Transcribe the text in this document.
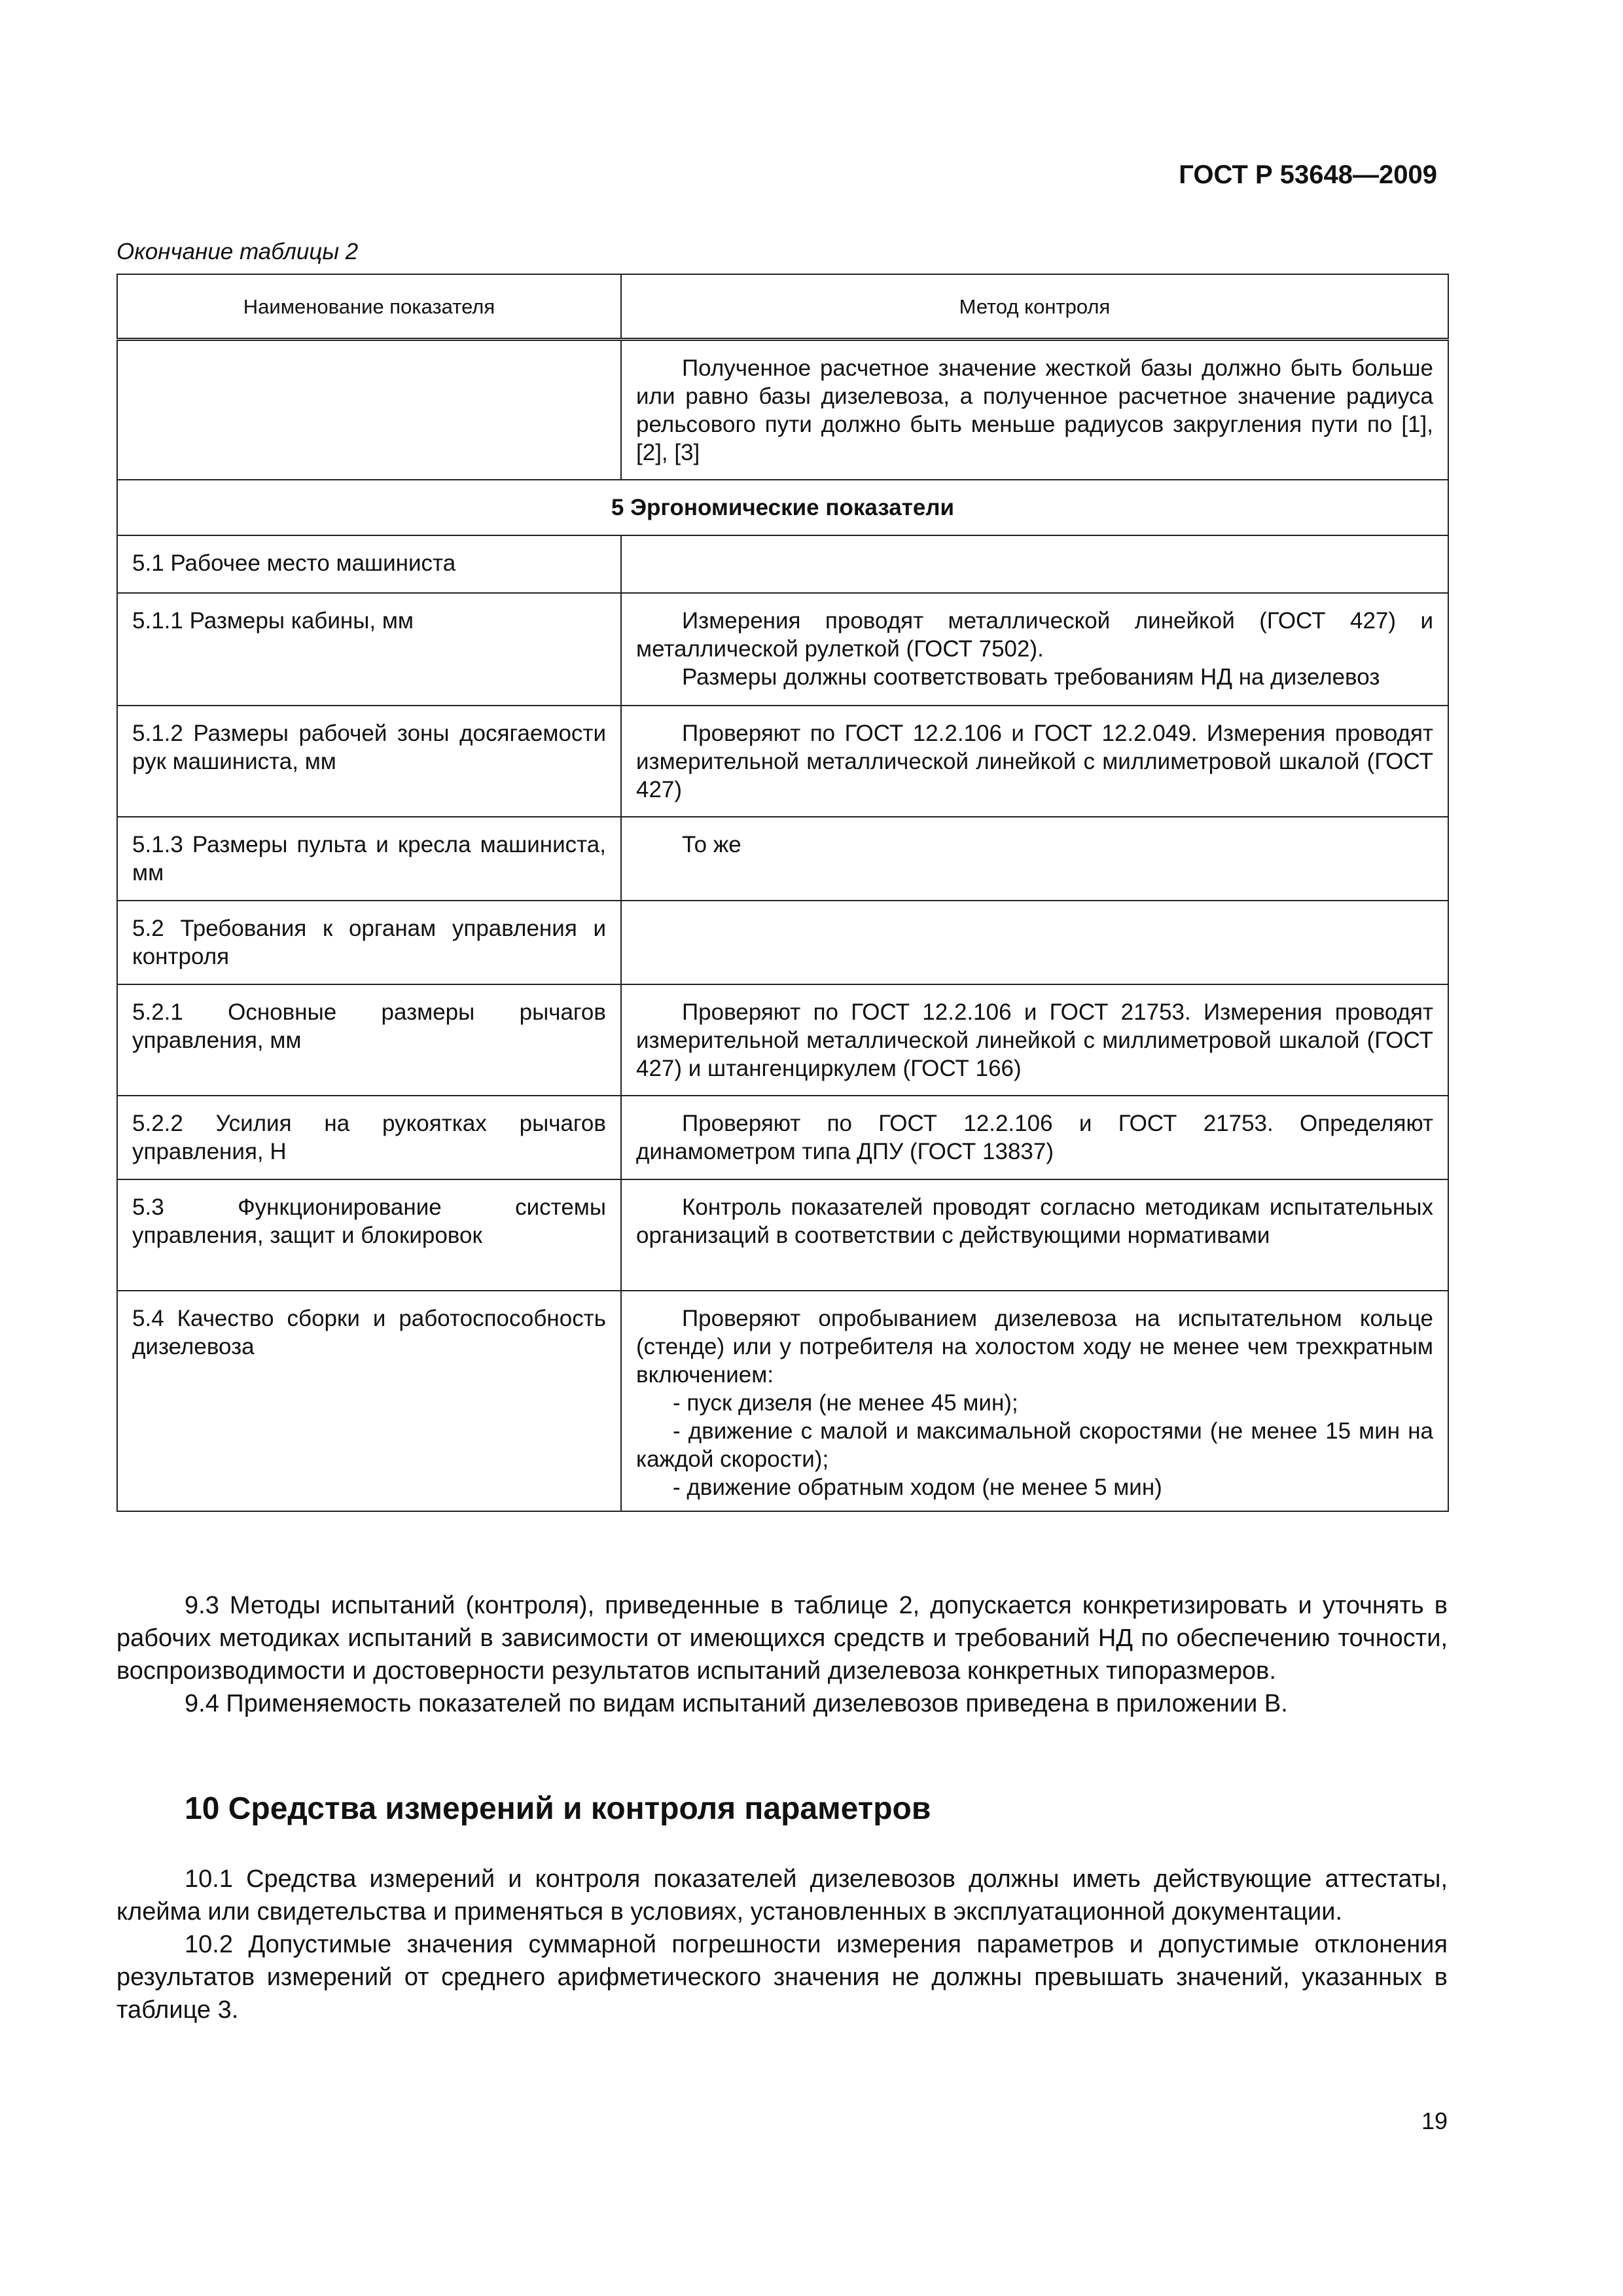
ГОСТ Р 53648—2009
Окончание таблицы 2
Наименование показателя	Метод контроля

	Полученное расчетное значение жесткой базы должно быть больше или равно базы дизелевоза, а полученное расчетное значение радиуса рельсового пути должно быть меньше радиусов закругления пути по [1], [2], [3]

5 Эргономические показатели	
5.1 Рабочее место машиниста	
5.1.1 Размеры кабины, мм	Измерения проводят металлической линейкой (ГОСТ 427) и металлической рулеткой (ГОСТ 7502).

Размеры должны соответствовать требованиям НД на дизелевоз

5.1.2 Размеры рабочей зоны досягаемости рук машиниста, мм	Проверяют по ГОСТ 12.2.106 и ГОСТ 12.2.049. Измерения проводят измерительной металлической линейкой с миллиметровой шкалой (ГОСТ 427)

5.1.3 Размеры пульта и кресла машиниста, мм	То же

5.2 Требования к органам управления и контроля	
5.2.1 Основные размеры рычагов управления, мм	Проверяют по ГОСТ 12.2.106 и ГОСТ 21753. Измерения проводят измерительной металлической линейкой с миллиметровой шкалой (ГОСТ 427) и штангенциркулем (ГОСТ 166)

5.2.2 Усилия на рукоятках рычагов управления, Н	Проверяют по ГОСТ 12.2.106 и ГОСТ 21753. Определяют динамометром типа ДПУ (ГОСТ 13837)

5.3 Функционирование системы управления, защит и блокировок	Контроль показателей проводят согласно методикам испытательных организаций в соответствии с действующими нормативами

5.4 Качество сборки и работоспособность дизелевоза	Проверяют опробыванием дизелевоза на испытательном кольце (стенде) или у потребителя на холостом ходу не менее чем трехкратным включением:

- пуск дизеля (не менее 45 мин);

- движение с малой и максимальной скоростями (не менее 15 мин на каждой скорости);

- движение обратным ходом (не менее 5 мин)

9.3 Методы испытаний (контроля), приведенные в таблице 2, допускается конкретизировать и уточнять в рабочих методиках испытаний в зависимости от имеющихся средств и требований НД по обеспечению точности, воспроизводимости и достоверности результатов испытаний дизелевоза конкретных типоразмеров.

9.4 Применяемость показателей по видам испытаний дизелевозов приведена в приложении В.

10 Средства измерений и контроля параметров

10.1 Средства измерений и контроля показателей дизелевозов должны иметь действующие аттестаты, клейма или свидетельства и применяться в условиях, установленных в эксплуатационной документации.

10.2 Допустимые значения суммарной погрешности измерения параметров и допустимые отклонения результатов измерений от среднего арифметического значения не должны превышать значений, указанных в таблице 3.

19
